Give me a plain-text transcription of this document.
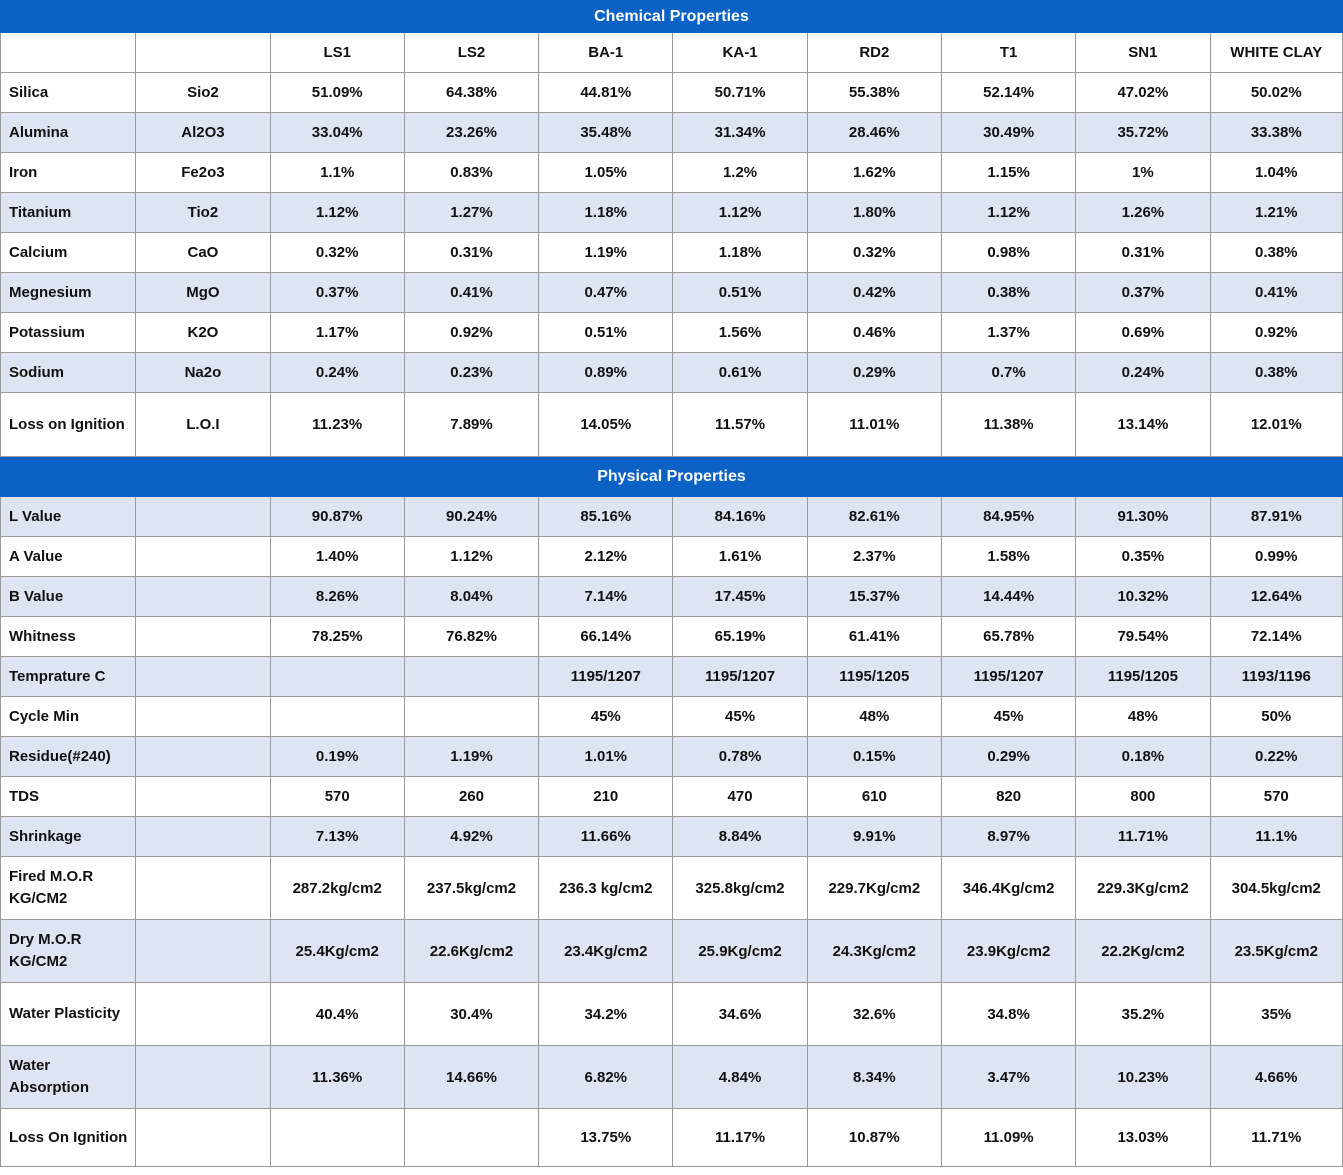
Chemical Properties									
		LS1	LS2	BA-1	KA-1	RD2	T1	SN1	WHITE CLAY
Silica	Sio2	51.09%	64.38%	44.81%	50.71%	55.38%	52.14%	47.02%	50.02%
Alumina	Al2O3	33.04%	23.26%	35.48%	31.34%	28.46%	30.49%	35.72%	33.38%
Iron	Fe2o3	1.1%	0.83%	1.05%	1.2%	1.62%	1.15%	1%	1.04%
Titanium	Tio2	1.12%	1.27%	1.18%	1.12%	1.80%	1.12%	1.26%	1.21%
Calcium	CaO	0.32%	0.31%	1.19%	1.18%	0.32%	0.98%	0.31%	0.38%
Megnesium	MgO	0.37%	0.41%	0.47%	0.51%	0.42%	0.38%	0.37%	0.41%
Potassium	K2O	1.17%	0.92%	0.51%	1.56%	0.46%	1.37%	0.69%	0.92%
Sodium	Na2o	0.24%	0.23%	0.89%	0.61%	0.29%	0.7%	0.24%	0.38%
Loss on Ignition	L.O.I	11.23%	7.89%	14.05%	11.57%	11.01%	11.38%	13.14%	12.01%
Physical Properties									
L Value		90.87%	90.24%	85.16%	84.16%	82.61%	84.95%	91.30%	87.91%
A Value		1.40%	1.12%	2.12%	1.61%	2.37%	1.58%	0.35%	0.99%
B Value		8.26%	8.04%	7.14%	17.45%	15.37%	14.44%	10.32%	12.64%
Whitness		78.25%	76.82%	66.14%	65.19%	61.41%	65.78%	79.54%	72.14%
Temprature C				1195/1207	1195/1207	1195/1205	1195/1207	1195/1205	1193/1196
Cycle Min				45%	45%	48%	45%	48%	50%
Residue(#240)		0.19%	1.19%	1.01%	0.78%	0.15%	0.29%	0.18%	0.22%
TDS		570	260	210	470	610	820	800	570
Shrinkage		7.13%	4.92%	11.66%	8.84%	9.91%	8.97%	11.71%	11.1%
Fired M.O.R KG/CM2		287.2kg/cm2	237.5kg/cm2	236.3 kg/cm2	325.8kg/cm2	229.7Kg/cm2	346.4Kg/cm2	229.3Kg/cm2	304.5kg/cm2
Dry M.O.R KG/CM2		25.4Kg/cm2	22.6Kg/cm2	23.4Kg/cm2	25.9Kg/cm2	24.3Kg/cm2	23.9Kg/cm2	22.2Kg/cm2	23.5Kg/cm2
Water Plasticity		40.4%	30.4%	34.2%	34.6%	32.6%	34.8%	35.2%	35%
Water Absorption		11.36%	14.66%	6.82%	4.84%	8.34%	3.47%	10.23%	4.66%
Loss On Ignition				13.75%	11.17%	10.87%	11.09%	13.03%	11.71%
